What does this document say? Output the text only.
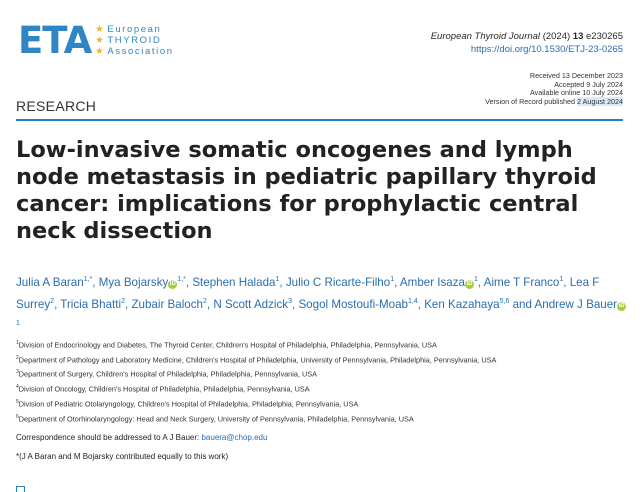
ETA ★ European
★ THYROID
★ Association
European Thyroid Journal (2024) 13 e230265
https://doi.org/10.1530/ETJ-23-0265
Received 13 December 2023
Accepted 9 July 2024
Available online 10 July 2024
Version of Record published 2 August 2024
RESEARCH
Low-invasive somatic oncogenes and lymph node metastasis in pediatric papillary thyroid cancer: implications for prophylactic central neck dissection
Julia A Baran$^{1,*}$, Mya Bojarsky $iD^{1,*}$, Stephen Halada$^1$, Julio C Ricarte-Filho$^1$, Amber Isaza $iD^1$, Aime T Franco$^1$, Lea F Surrey$^2$, Tricia Bhatti$^2$, Zubair Baloch$^2$, N Scott Adzick$^3$, Sogol Mostoufi-Moab$^{1,4}$, Ken Kazahaya$^{5,6}$ and Andrew J Bauer $iD^1$
$^1$Division of Endocrinology and Diabetes, The Thyroid Center, Children's Hospital of Philadelphia, Philadelphia, Pennsylvania, USA
$^2$Department of Pathology and Laboratory Medicine, Children's Hospital of Philadelphia, University of Pennsylvania, Philadelphia, Pennsylvania, USA
$^3$Department of Surgery, Children's Hospital of Philadelphia, Philadelphia, Pennsylvania, USA
$^4$Division of Oncology, Children's Hospital of Philadelphia, Philadelphia, Pennsylvania, USA
$^5$Division of Pediatric Otolaryngology, Children's Hospital of Philadelphia, Philadelphia, Pennsylvania, USA
$^6$Department of Otorhinolaryngology: Head and Neck Surgery, University of Pennsylvania, Philadelphia, Pennsylvania, USA
Correspondence should be addressed to A J Bauer: bauera@chop.edu
*(J A Baran and M Bojarsky contributed equally to this work)
